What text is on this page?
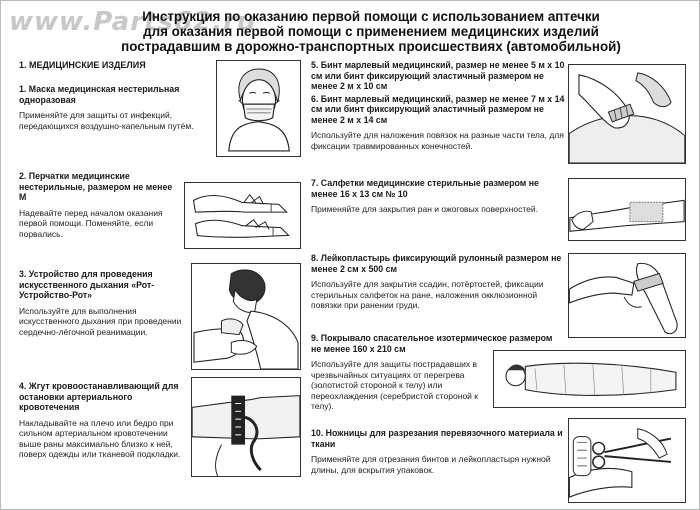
www.Parts62.ru
Инструкция по оказанию первой помощи с использованием аптечки
для оказания первой помощи с применением медицинских изделий
пострадавшим в дорожно-транспортных происшествиях (автомобильной)
1. МЕДИЦИНСКИЕ ИЗДЕЛИЯ
1. Маска медицинская нестерильная одноразовая
Применяйте для защиты от инфекций, передающихся воздушно-капельным путём.
2. Перчатки медицинские нестерильные, размером не менее М
Надевайте перед началом оказания первой помощи. Поменяйте, если порвались.
3. Устройство для проведения искусственного дыхания «Рот-Устройство-Рот»
Используйте для выполнения искусственного дыхания при проведении сердечно-лёгочной реанимации.
4. Жгут кровоостанавливающий для остановки артериального кровотечения
Накладывайте на плечо или бедро при сильном артериальном кровотечении выше раны максимально близко к ней, поверх одежды или тканевой подкладки.
5. Бинт марлевый медицинский, размер не менее 5 м х 10 см или бинт фиксирующий эластичный размером не менее 2 м х 10 см
6. Бинт марлевый медицинский, размер не менее 7 м х 14 см или бинт фиксирующий эластичный размером не менее 2 м х 14 см
Используйте для наложения повязок на разные части тела, для фиксации травмированных конечностей.
7. Салфетки медицинские стерильные размером не менее 16 х 13 см № 10
Применяйте для закрытия ран и ожоговых поверхностей.
8. Лейкопластырь фиксирующий рулонный размером не менее 2 см х 500 см
Используйте для закрытия ссадин, потёртостей, фиксации стерильных салфеток на ране, наложения окклюзионной повязки при ранении груди.
9. Покрывало спасательное изотермическое размером не менее 160 х 210 см
Используйте для защиты пострадавших в чрезвычайных ситуациях от перегрева (золотистой стороной к телу) или переохлаждения (серебристой стороной к телу).
10. Ножницы для разрезания перевязочного материала и ткани
Применяйте для отрезания бинтов и лейкопластыря нужной длины, для вскрытия упаковок.
